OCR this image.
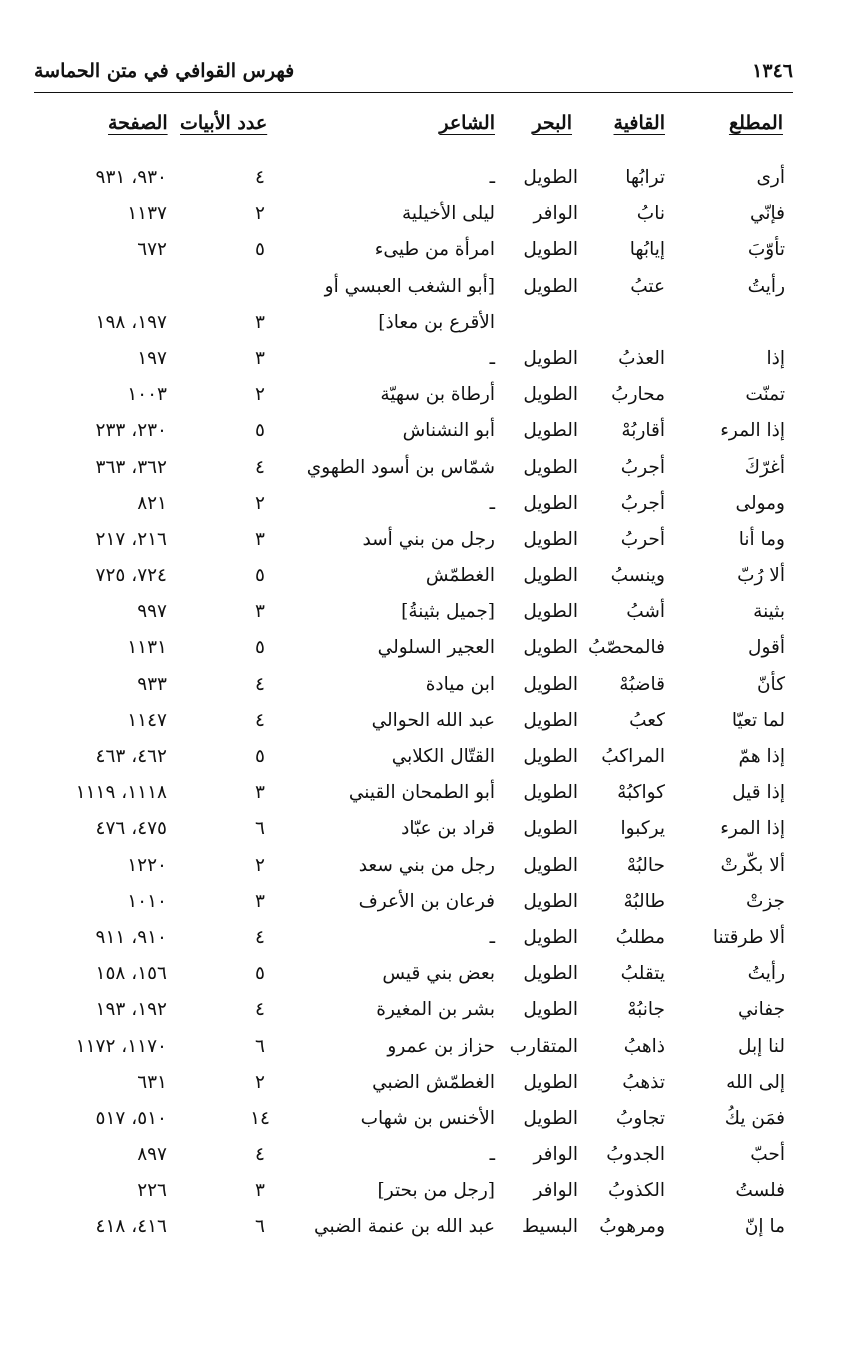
١٣٤٦
فهرس القوافي في متن الحماسة
المطلع
القافية
البحر
الشاعر
عدد الأبيات
الصفحة
أرى
ترابُها
الطويل
ـ
٤
٩٣٠، ٩٣١
فإنّي
نابُ
الوافر
ليلى الأخيلية
٢
١١٣٧
تأوّبَ
إيابُها
الطويل
امرأة من طيىء
٥
٦٧٢
رأيتُ
عتبُ
الطويل
[أبو الشغب العبسي أو
الأقرع بن معاذ]
٣
١٩٧، ١٩٨
إذا
العذبُ
الطويل
ـ
٣
١٩٧
تمنّت
محاربُ
الطويل
أرطاة بن سهيّة
٢
١٠٠٣
إذا المرء
أقاربُهْ
الطويل
أبو النشناش
٥
٢٣٠، ٢٣٣
أغرّكَ
أجربُ
الطويل
شمّاس بن أسود الطهوي
٤
٣٦٢، ٣٦٣
ومولى
أجربُ
الطويل
ـ
٢
٨٢١
وما أنا
أحربُ
الطويل
رجل من بني أسد
٣
٢١٦، ٢١٧
ألا رُبّ
وينسبُ
الطويل
الغطمّش
٥
٧٢٤، ٧٢٥
بثينة
أشبُ
الطويل
[جميل بثينةُ]
٣
٩٩٧
أقول
فالمحصّبُ
الطويل
العجير السلولي
٥
١١٣١
كأنّ
قاضبُهْ
الطويل
ابن ميادة
٤
٩٣٣
لما تعيّا
كعبُ
الطويل
عبد الله الحوالي
٤
١١٤٧
إذا همّ
المراكبُ
الطويل
القتّال الكلابي
٥
٤٦٢، ٤٦٣
إذا قيل
كواكبُهْ
الطويل
أبو الطمحان القيني
٣
١١١٨، ١١١٩
إذا المرء
يركبوا
الطويل
قراد بن عبّاد
٦
٤٧٥، ٤٧٦
ألا بكّرتْ
حالبُهْ
الطويل
رجل من بني سعد
٢
١٢٢٠
جزتْ
طالبُهْ
الطويل
فرعان بن الأعرف
٣
١٠١٠
ألا طرقتنا
مطلبُ
الطويل
ـ
٤
٩١٠، ٩١١
رأيتُ
يتقلبُ
الطويل
بعض بني قيس
٥
١٥٦، ١٥٨
جفاني
جانبُهْ
الطويل
بشر بن المغيرة
٤
١٩٢، ١٩٣
لنا إبل
ذاهبُ
المتقارب
حزاز بن عمرو
٦
١١٧٠، ١١٧٢
إلى الله
تذهبُ
الطويل
الغطمّش الضبي
٢
٦٣١
فمَن يكُ
تجاوبُ
الطويل
الأخنس بن شهاب
١٤
٥١٠، ٥١٧
أحبّ
الجدوبُ
الوافر
ـ
٤
٨٩٧
فلستُ
الكذوبُ
الوافر
[رجل من بحتر]
٣
٢٢٦
ما إنّ
ومرهوبُ
البسيط
عبد الله بن عنمة الضبي
٦
٤١٦، ٤١٨
